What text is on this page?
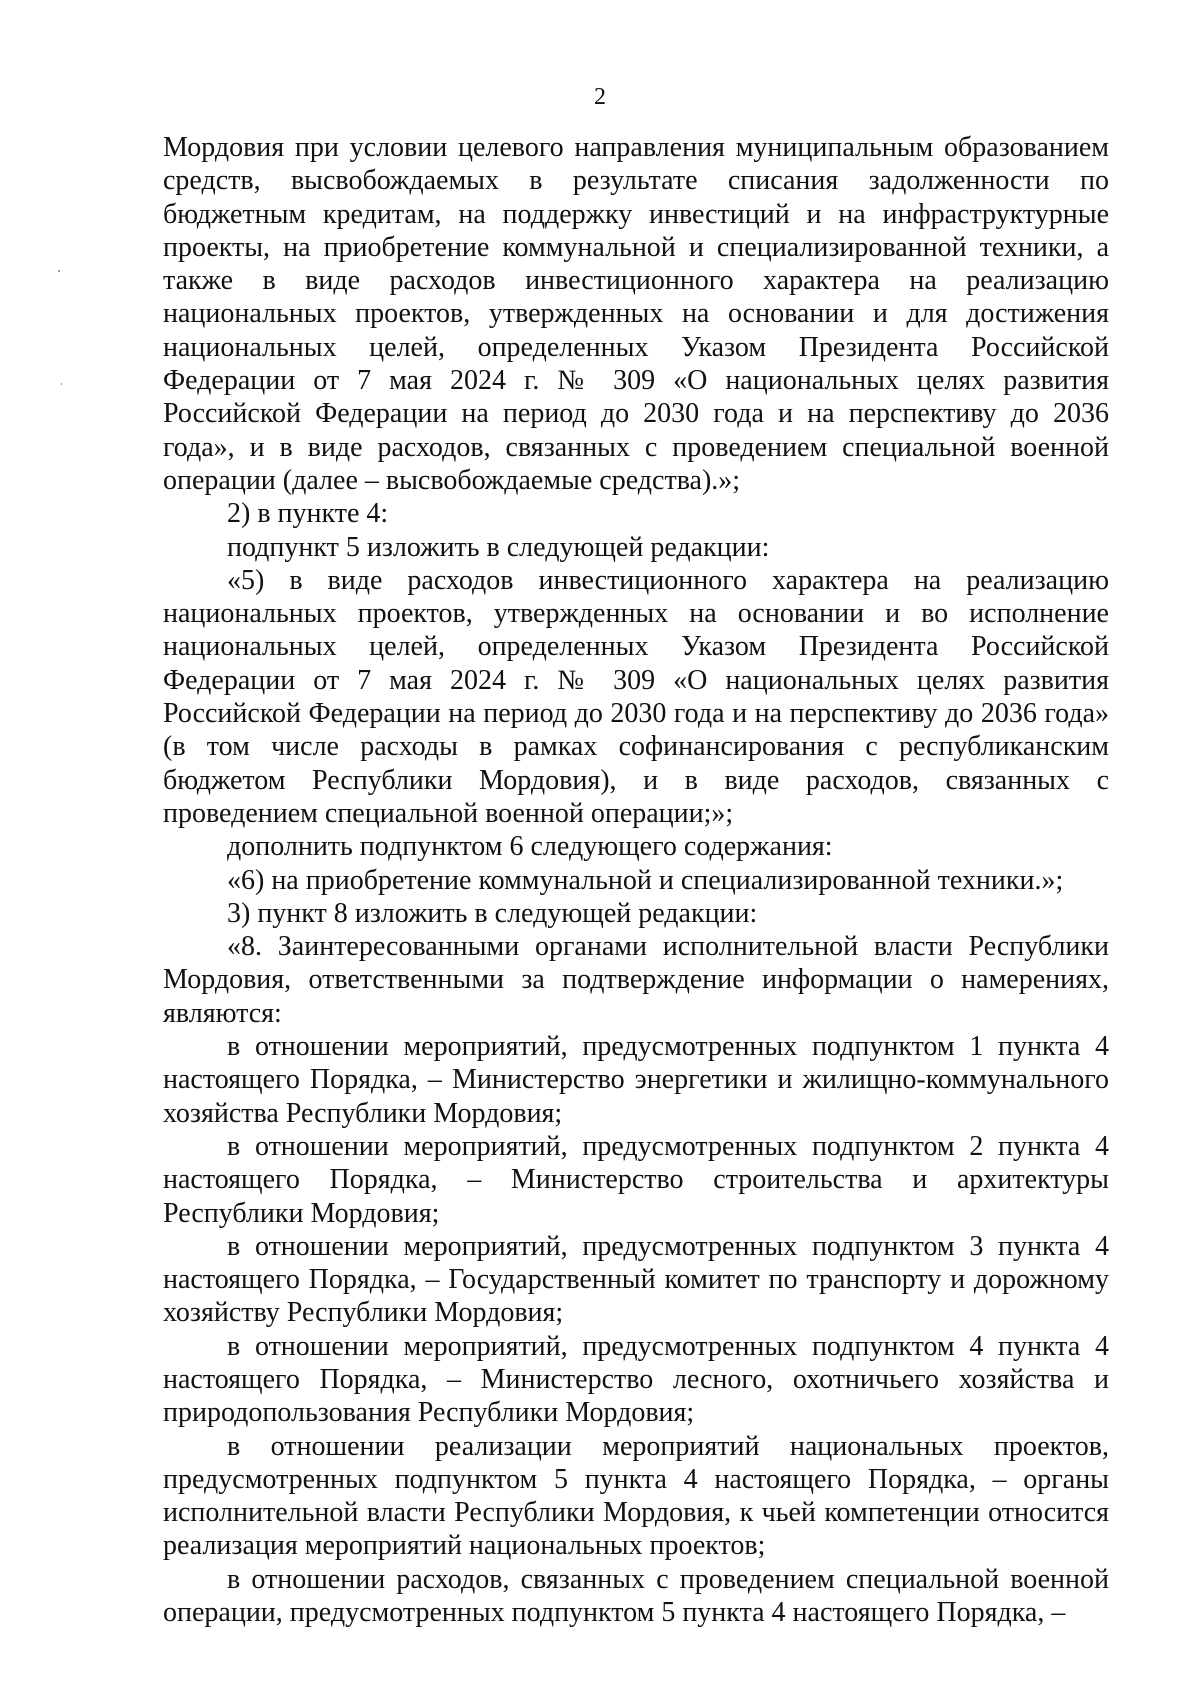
2

Мордовия при условии целевого направления муниципальным образованием средств, высвобождаемых в результате списания задолженности по бюджетным кредитам, на поддержку инвестиций и на инфраструктурные проекты, на приобретение коммунальной и специализированной техники, а также в виде расходов инвестиционного характера на реализацию национальных проектов, утвержденных на основании и для достижения национальных целей, определенных Указом Президента Российской Федерации от 7 мая 2024 г. № 309 «О национальных целях развития Российской Федерации на период до 2030 года и на перспективу до 2036 года», и в виде расходов, связанных с проведением специальной военной операции (далее – высвобождаемые средства).»;

2) в пункте 4:

подпункт 5 изложить в следующей редакции:

«5) в виде расходов инвестиционного характера на реализацию национальных проектов, утвержденных на основании и во исполнение национальных целей, определенных Указом Президента Российской Федерации от 7 мая 2024 г. № 309 «О национальных целях развития Российской Федерации на период до 2030 года и на перспективу до 2036 года» (в том числе расходы в рамках софинансирования с республиканским бюджетом Республики Мордовия), и в виде расходов, связанных с проведением специальной военной операции;»;

дополнить подпунктом 6 следующего содержания:

«6) на приобретение коммунальной и специализированной техники.»;

3) пункт 8 изложить в следующей редакции:

«8. Заинтересованными органами исполнительной власти Республики Мордовия, ответственными за подтверждение информации о намерениях, являются:

в отношении мероприятий, предусмотренных подпунктом 1 пункта 4 настоящего Порядка, – Министерство энергетики и жилищно-коммунального хозяйства Республики Мордовия;

в отношении мероприятий, предусмотренных подпунктом 2 пункта 4 настоящего Порядка, – Министерство строительства и архитектуры Республики Мордовия;

в отношении мероприятий, предусмотренных подпунктом 3 пункта 4 настоящего Порядка, – Государственный комитет по транспорту и дорожному хозяйству Республики Мордовия;

в отношении мероприятий, предусмотренных подпунктом 4 пункта 4 настоящего Порядка, – Министерство лесного, охотничьего хозяйства и природопользования Республики Мордовия;

в отношении реализации мероприятий национальных проектов, предусмотренных подпунктом 5 пункта 4 настоящего Порядка, – органы исполнительной власти Республики Мордовия, к чьей компетенции относится реализация мероприятий национальных проектов;

в отношении расходов, связанных с проведением специальной военной операции, предусмотренных подпунктом 5 пункта 4 настоящего Порядка, –
